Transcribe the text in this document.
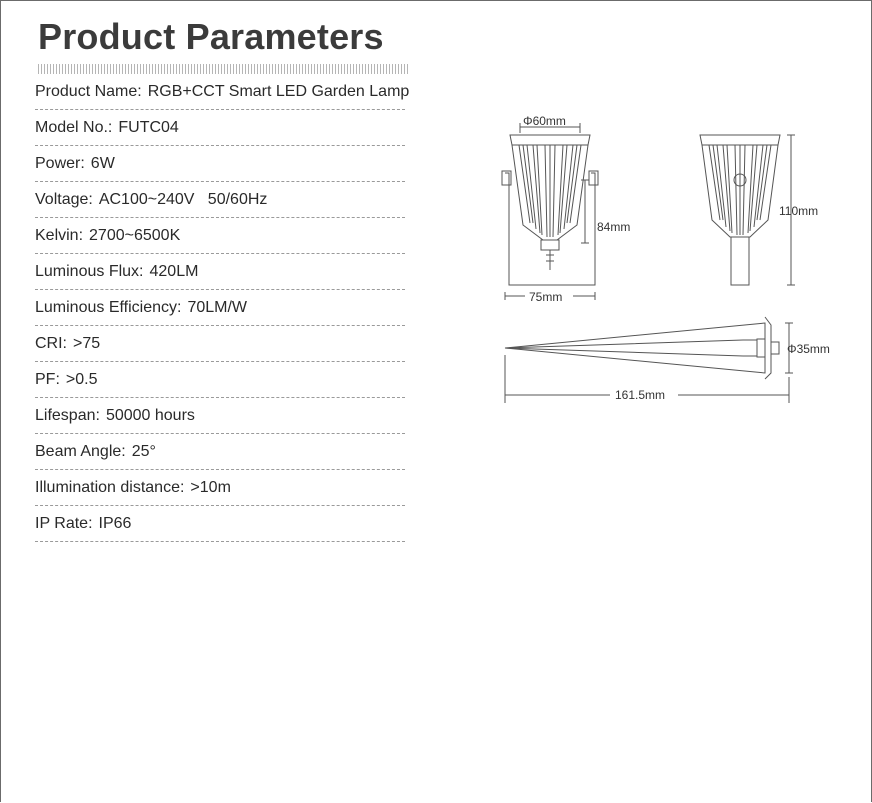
Product Parameters
Product Name: RGB+CCT Smart LED Garden Lamp
Model No.: FUTC04
Power: 6W
Voltage: AC100~240V   50/60Hz
Kelvin: 2700~6500K
Luminous Flux: 420LM
Luminous Efficiency: 70LM/W
CRI: >75
PF: >0.5
Lifespan: 50000 hours
Beam Angle: 25°
Illumination distance: >10m
IP Rate: IP66
Φ60mm
84mm
75mm
110mm
Φ35mm
161.5mm
